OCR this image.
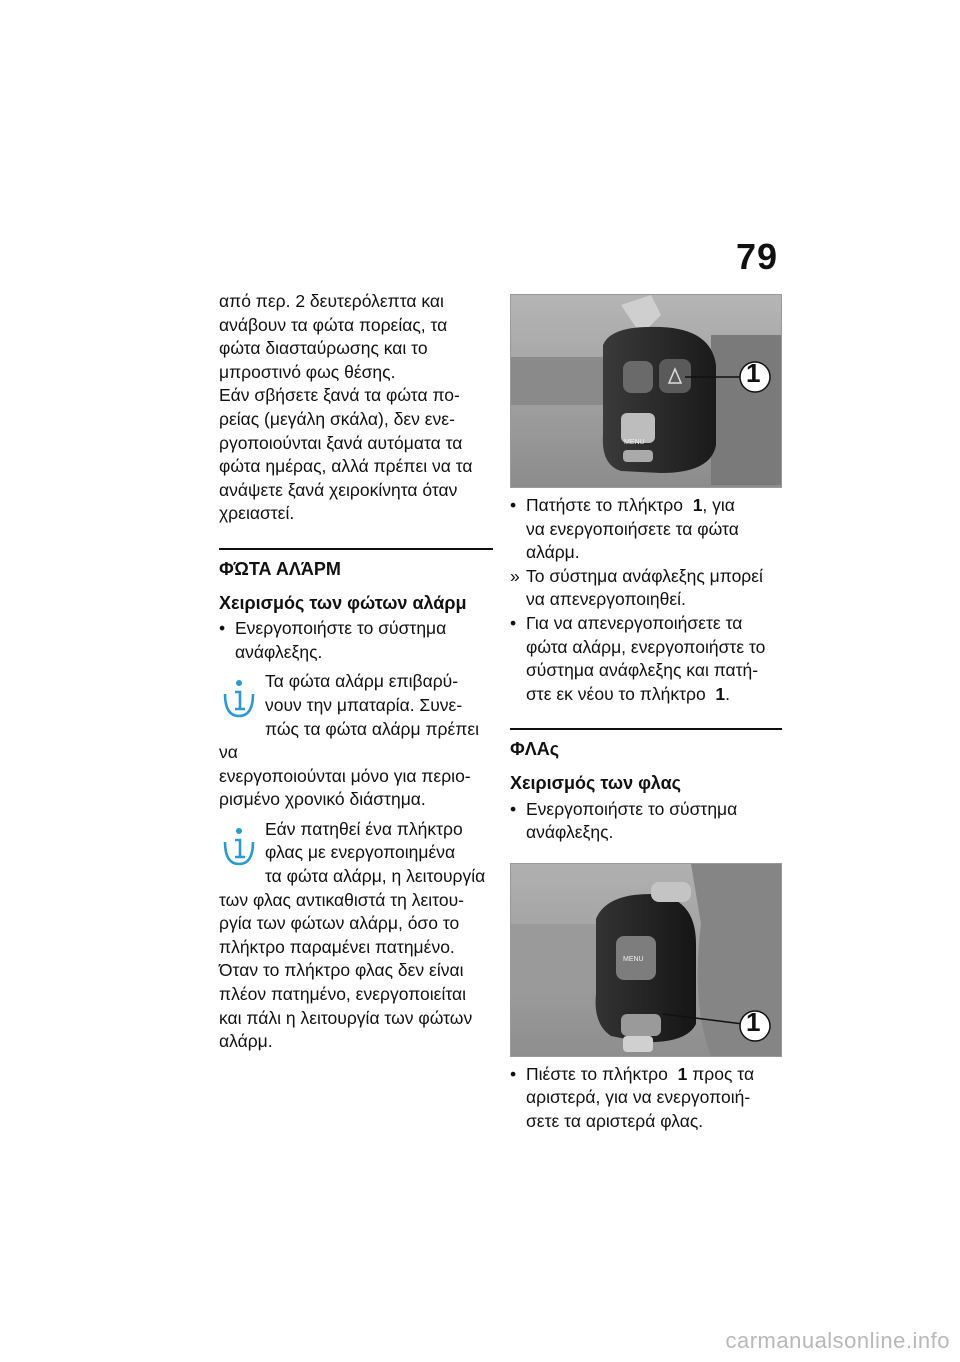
79

από περ. 2 δευτερόλεπτα και
ανάβουν τα φώτα πορείας, τα
φώτα διασταύρωσης και το
μπροστινό φως θέσης.
Εάν σβήσετε ξανά τα φώτα πο-
ρείας (μεγάλη σκάλα), δεν ενε-
ργοποιούνται ξανά αυτόματα τα
φώτα ημέρας, αλλά πρέπει να τα
ανάψετε ξανά χειροκίνητα όταν
χρειαστεί.

ΦΏΤΑ ΑΛΆΡΜ
Χειρισμός των φώτων αλάρμ
• Ενεργοποιήστε το σύστημα
ανάφλεξης.
Τα φώτα αλάρμ επιβαρύ-
νουν την μπαταρία. Συνε-
πώς τα φώτα αλάρμ πρέπει να
ενεργοποιούνται μόνο για περιο-
ρισμένο χρονικό διάστημα.
Εάν πατηθεί ένα πλήκτρο
φλας με ενεργοποιημένα
τα φώτα αλάρμ, η λειτουργία
των φλας αντικαθιστά τη λειτου-
ργία των φώτων αλάρμ, όσο το
πλήκτρο παραμένει πατημένο.
Όταν το πλήκτρο φλας δεν είναι
πλέον πατημένο, ενεργοποιείται
και πάλι η λειτουργία των φώτων
αλάρμ.
MENU
1
• Πατήστε το πλήκτρο 1, για
να ενεργοποιήσετε τα φώτα
αλάρμ.
» Το σύστημα ανάφλεξης μπορεί
να απενεργοποιηθεί.
• Για να απενεργοποιήσετε τα
φώτα αλάρμ, ενεργοποιήστε το
σύστημα ανάφλεξης και πατή-
στε εκ νέου το πλήκτρο 1.
ΦΛΑς
Χειρισμός των φλας
• Ενεργοποιήστε το σύστημα
ανάφλεξης.
MENU
1
• Πιέστε το πλήκτρο 1 προς τα
αριστερά, για να ενεργοποιή-
σετε τα αριστερά φλας.
carmanualsonline.info
